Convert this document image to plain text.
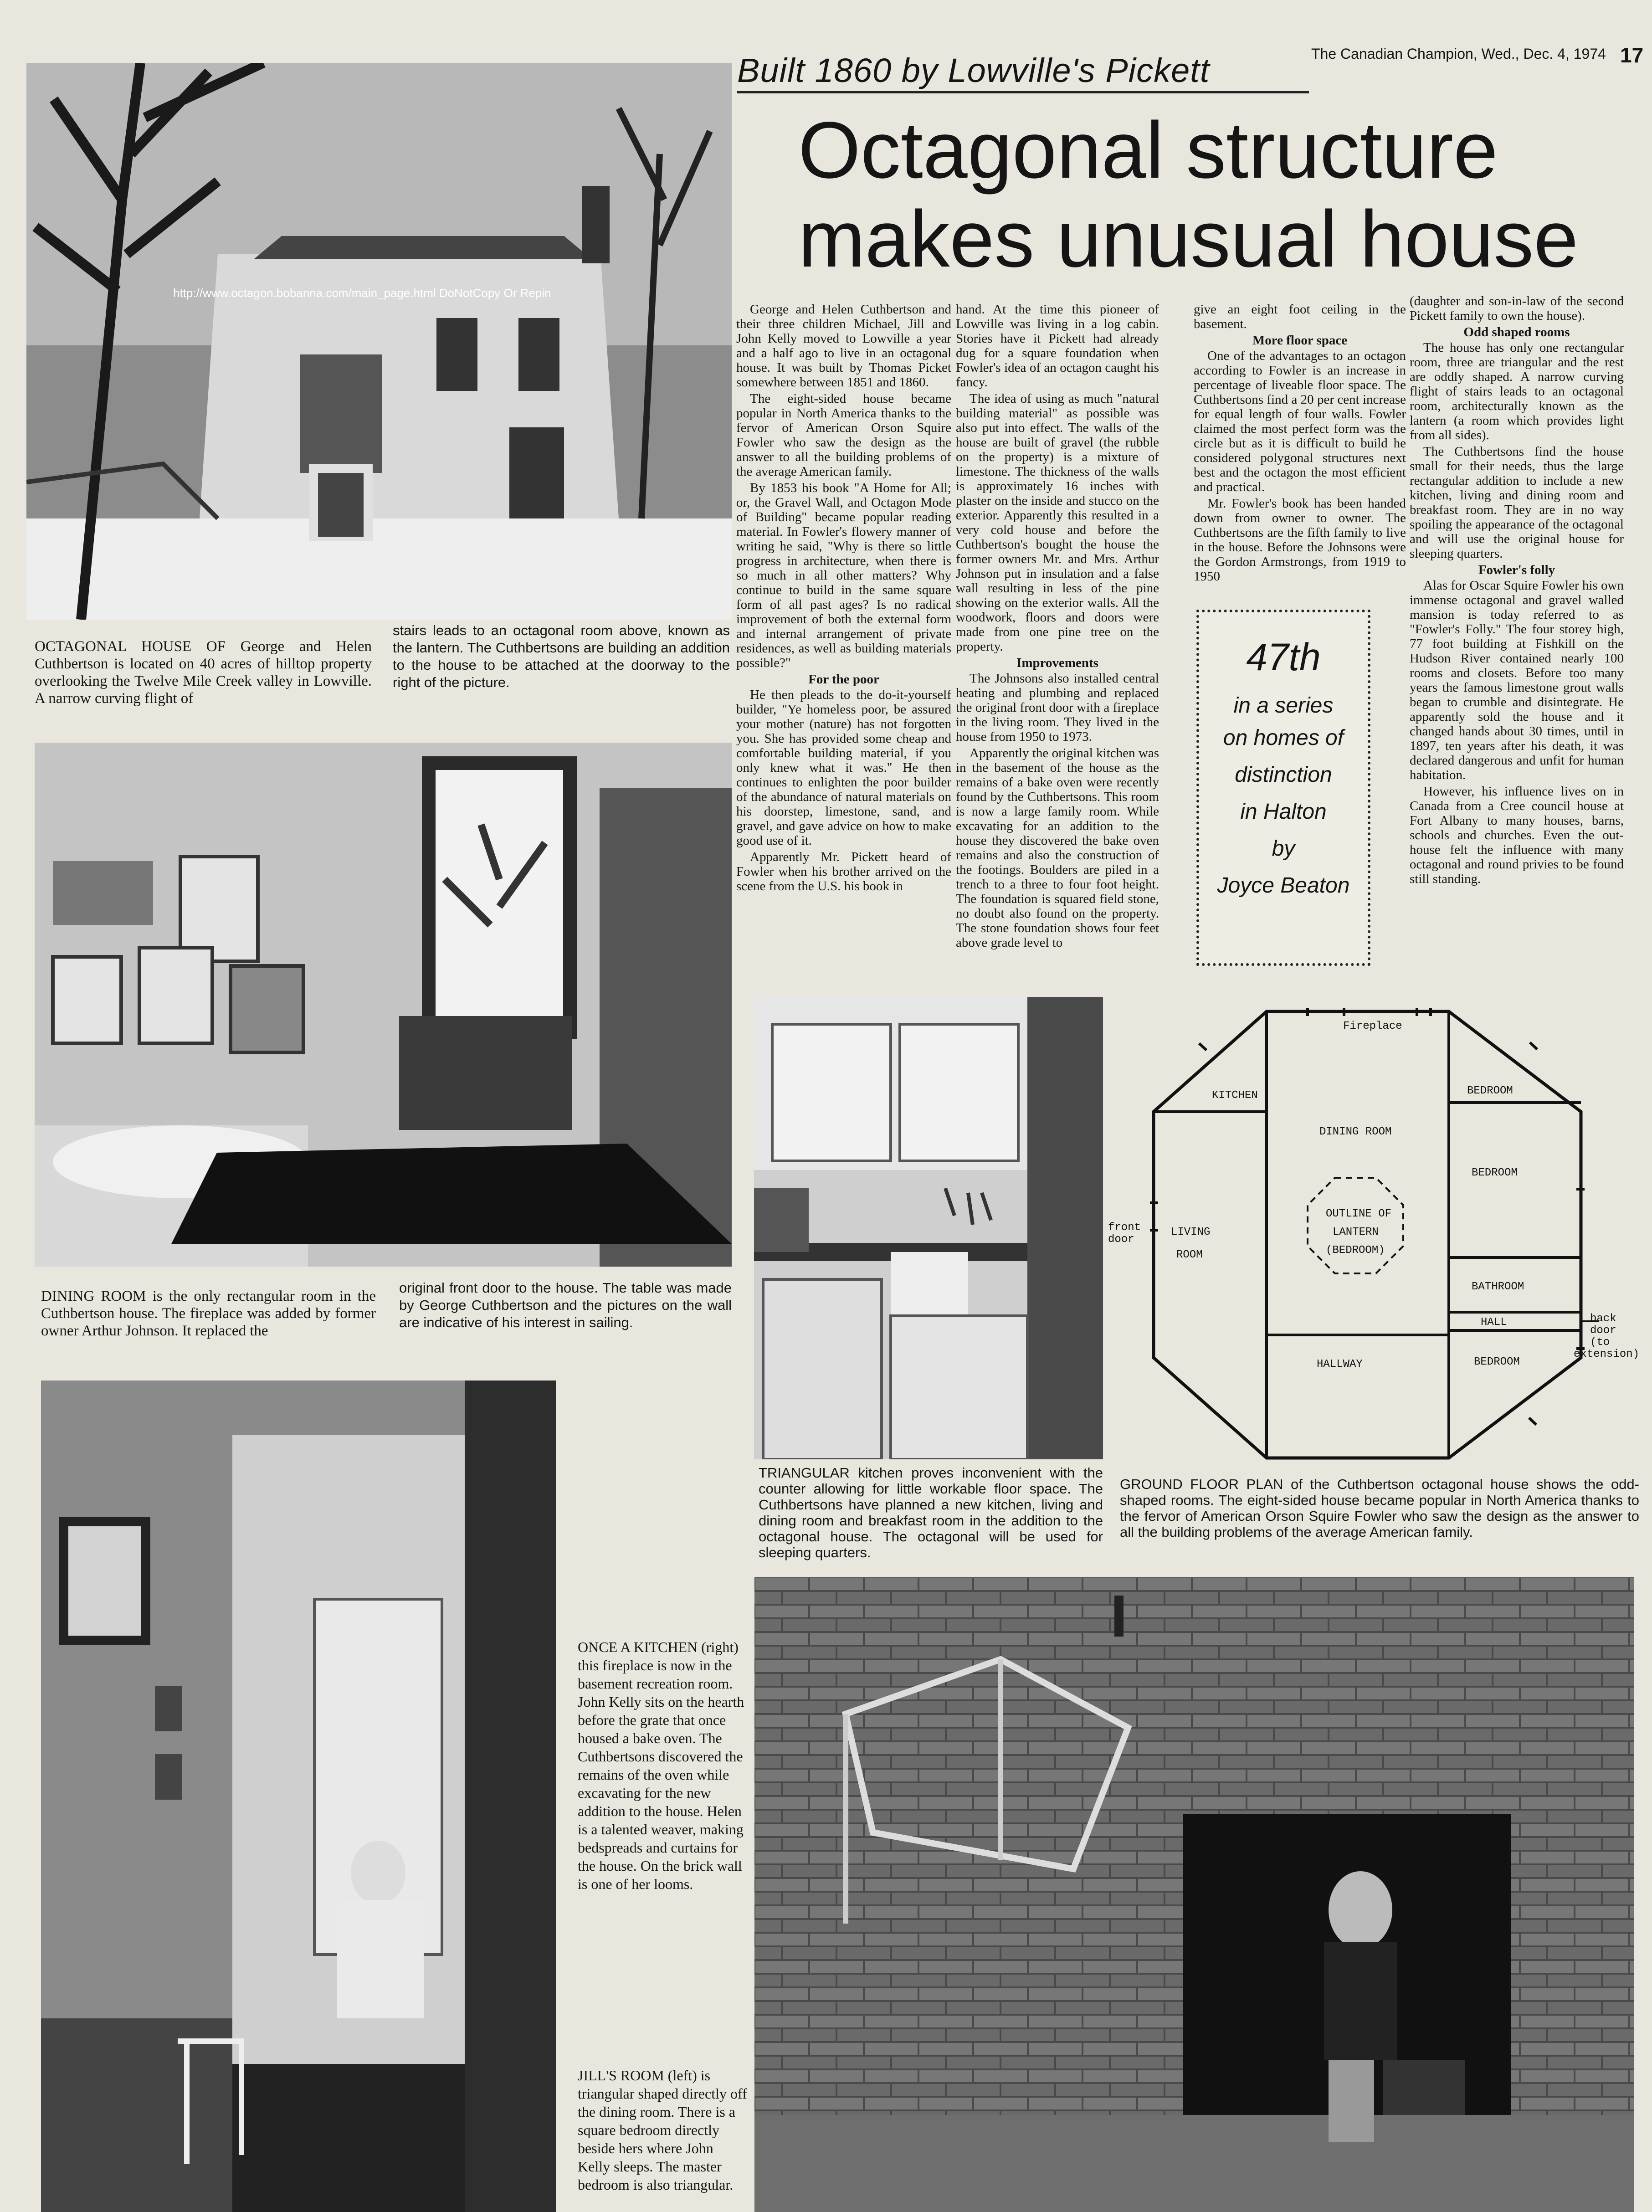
Built 1860 by Lowville's Pickett	The Canadian Champion, Wed., Dec. 4, 1974 17
Octagonal structure
makes unusual house
http://www.octagon.bobanna.com/main_page.html DoNotCopy Or Repin
OCTAGONAL HOUSE OF George and Helen Cuthbertson is located on 40 acres of hilltop property overlooking the Twelve Mile Creek valley in Lowville. A narrow curving flight of
stairs leads to an octagonal room above, known as the lantern. The Cuthbertsons are building an addition to the house to be attached at the doorway to the right of the picture.
DINING ROOM is the only rectangular room in the Cuthbertson house. The fireplace was added by former owner Arthur Johnson. It replaced the
original front door to the house. The table was made by George Cuthbertson and the pictures on the wall are indicative of his interest in sailing.

George and Helen Cuthbertson and their three children Michael, Jill and John Kelly moved to Lowville a year and a half ago to live in an octagonal house. It was built by Thomas Picket somewhere between 1851 and 1860.

The eight-sided house became popular in North America thanks to the fervor of American Orson Squire Fowler who saw the design as the answer to all the building problems of the average American family.

By 1853 his book "A Home for All; or, the Gravel Wall, and Octagon Mode of Building" became popular reading material. In Fowler's flowery manner of writing he said, "Why is there so little progress in architecture, when there is so much in all other matters? Why continue to build in the same square form of all past ages? Is no radical improvement of both the external form and internal arrangement of private residences, as well as building materials possible?"

For the poor

He then pleads to the do-it-yourself builder, "Ye homeless poor, be assured your mother (nature) has not forgotten you. She has provided some cheap and comfortable building material, if you only knew what it was." He then continues to enlighten the poor builder of the abundance of natural materials on his doorstep, limestone, sand, and gravel, and gave advice on how to make good use of it.

Apparently Mr. Pickett heard of Fowler when his brother arrived on the scene from the U.S. his book in

hand. At the time this pioneer of Lowville was living in a log cabin. Stories have it Pickett had already dug for a square foundation when Fowler's idea of an octagon caught his fancy.

The idea of using as much "natural building material" as possible was also put into effect. The walls of the house are built of gravel (the rubble on the property) is a mixture of limestone. The thickness of the walls is approximately 16 inches with plaster on the inside and stucco on the exterior. Apparently this resulted in a very cold house and before the Cuthbertson's bought the house the former owners Mr. and Mrs. Arthur Johnson put in insulation and a false wall resulting in less of the pine showing on the exterior walls. All the woodwork, floors and doors were made from one pine tree on the property.

Improvements

The Johnsons also installed central heating and plumbing and replaced the original front door with a fireplace in the living room. They lived in the house from 1950 to 1973.

Apparently the original kitchen was in the basement of the house as the remains of a bake oven were recently found by the Cuthbertsons. This room is now a large family room. While excavating for an addition to the house they discovered the bake oven remains and also the construction of the footings. Boulders are piled in a trench to a three to four foot height. The foundation is squared field stone, no doubt also found on the property. The stone foundation shows four feet above grade level to

give an eight foot ceiling in the basement.

More floor space

One of the advantages to an octagon according to Fowler is an increase in percentage of liveable floor space. The Cuthbertsons find a 20 per cent increase for equal length of four walls. Fowler claimed the most perfect form was the circle but as it is difficult to build he considered polygonal structures next best and the octagon the most efficient and practical.

Mr. Fowler's book has been handed down from owner to owner. The Cuthbertsons are the fifth family to live in the house. Before the Johnsons were the Gordon Armstrongs, from 1919 to 1950

47th
in a series
on homes of
distinction
in Halton
by
Joyce Beaton

(daughter and son-in-law of the second Pickett family to own the house).

Odd shaped rooms

The house has only one rectangular room, three are triangular and the rest are oddly shaped. A narrow curving flight of stairs leads to an octagonal room, architecturally known as the lantern (a room which provides light from all sides).

The Cuthbertsons find the house small for their needs, thus the large rectangular addition to include a new kitchen, living and dining room and breakfast room. They are in no way spoiling the appearance of the octagonal and will use the original house for sleeping quarters.

Fowler's folly

Alas for Oscar Squire Fowler his own immense octagonal and gravel walled mansion is today referred to as "Fowler's Folly." The four storey high, 77 foot building at Fishkill on the Hudson River contained nearly 100 rooms and closets. Before too many years the famous limestone grout walls began to crumble and disintegrate. He apparently sold the house and it changed hands about 30 times, until in 1897, ten years after his death, it was declared dangerous and unfit for human habitation.

However, his influence lives on in Canada from a Cree council house at Fort Albany to many houses, barns, schools and churches. Even the out-house felt the influence with many octagonal and round privies to be found still standing.

TRIANGULAR kitchen proves inconvenient with the counter allowing for little workable floor space. The Cuthbertsons have planned a new kitchen, living and dining room and breakfast room in the addition to the octagonal house. The octagonal will be used for sleeping quarters.
Fireplace
KITCHEN	BEDROOM
DINING ROOM
BEDROOM
OUTLINE OF
LANTERN
(BEDROOM)
front
door
LIVING
ROOM
BATHROOM
HALL	back
door
(to
extension)
HALLWAY	BEDROOM
GROUND FLOOR PLAN of the Cuthbertson octagonal house shows the odd-shaped rooms. The eight-sided house became popular in North America thanks to the fervor of American Orson Squire Fowler who saw the design as the answer to all the building problems of the average American family.
ONCE A KITCHEN (right) this fireplace is now in the basement recreation room. John Kelly sits on the hearth before the grate that once housed a bake oven. The Cuthbertsons discovered the remains of the oven while excavating for the new addition to the house. Helen is a talented weaver, making bedspreads and curtains for the house. On the brick wall is one of her looms.
JILL'S ROOM (left) is triangular shaped directly off the dining room. There is a square bedroom directly beside hers where John Kelly sleeps. The master bedroom is also triangular.
